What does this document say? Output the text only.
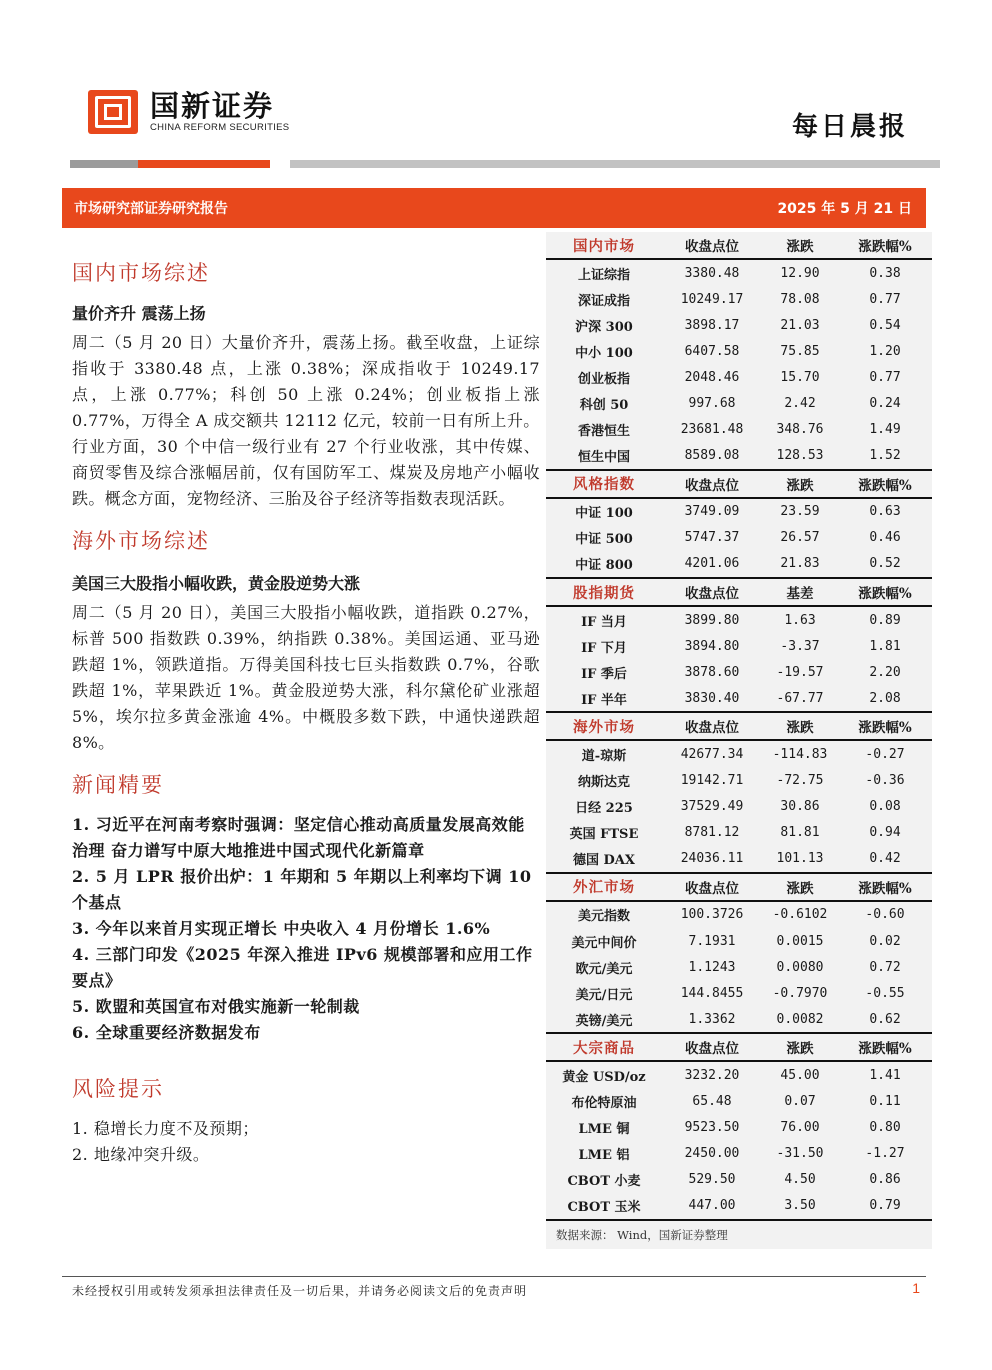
国新证券
CHINA REFORM SECURITIES	每日晨报
市场研究部证券研究报告	2025 年 5 月 21 日
国内市场综述
量价齐升 震荡上扬

周二（5 月 20 日）大量价齐升，震荡上扬。截至收盘，上证综指收于 3380.48 点，上涨 0.38%；深成指收于 10249.17 点，上涨 0.77%；科创 50 上涨 0.24%；创业板指上涨 0.77%，万得全 A 成交额共 12112 亿元，较前一日有所上升。

行业方面，30 个中信一级行业有 27 个行业收涨，其中传媒、商贸零售及综合涨幅居前，仅有国防军工、煤炭及房地产小幅收跌。概念方面，宠物经济、三胎及谷子经济等指数表现活跃。

海外市场综述
美国三大股指小幅收跌，黄金股逆势大涨

周二（5 月 20 日），美国三大股指小幅收跌，道指跌 0.27%，标普 500 指数跌 0.39%，纳指跌 0.38%。美国运通、亚马逊跌超 1%，领跌道指。万得美国科技七巨头指数跌 0.7%，谷歌跌超 1%，苹果跌近 1%。黄金股逆势大涨，科尔黛伦矿业涨超 5%，埃尔拉多黄金涨逾 4%。中概股多数下跌，中通快递跌超 8%。

新闻精要
1. 习近平在河南考察时强调：坚定信心推动高质量发展高效能治理 奋力谱写中原大地推进中国式现代化新篇章
2. 5 月 LPR 报价出炉：1 年期和 5 年期以上利率均下调 10 个基点
3. 今年以来首月实现正增长 中央收入 4 月份增长 1.6%
4. 三部门印发《2025 年深入推进 IPv6 规模部署和应用工作要点》
5. 欧盟和英国宣布对俄实施新一轮制裁
6. 全球重要经济数据发布
风险提示
1. 稳增长力度不及预期；
2. 地缘冲突升级。
国内市场	收盘点位	涨跌	涨跌幅%
上证综指	3380.48	12.90	0.38
深证成指	10249.17	78.08	0.77
沪深 300	3898.17	21.03	0.54
中小 100	6407.58	75.85	1.20
创业板指	2048.46	15.70	0.77
科创 50	997.68	2.42	0.24
香港恒生	23681.48	348.76	1.49
恒生中国	8589.08	128.53	1.52
风格指数	收盘点位	涨跌	涨跌幅%
中证 100	3749.09	23.59	0.63
中证 500	5747.37	26.57	0.46
中证 800	4201.06	21.83	0.52
股指期货	收盘点位	基差	涨跌幅%
IF 当月	3899.80	1.63	0.89
IF 下月	3894.80	-3.37	1.81
IF 季后	3878.60	-19.57	2.20
IF 半年	3830.40	-67.77	2.08
海外市场	收盘点位	涨跌	涨跌幅%
道-琼斯	42677.34	-114.83	-0.27
纳斯达克	19142.71	-72.75	-0.36
日经 225	37529.49	30.86	0.08
英国 FTSE	8781.12	81.81	0.94
德国 DAX	24036.11	101.13	0.42
外汇市场	收盘点位	涨跌	涨跌幅%
美元指数	100.3726	-0.6102	-0.60
美元中间价	7.1931	0.0015	0.02
欧元/美元	1.1243	0.0080	0.72
美元/日元	144.8455	-0.7970	-0.55
英镑/美元	1.3362	0.0082	0.62
大宗商品	收盘点位	涨跌	涨跌幅%
黄金 USD/oz	3232.20	45.00	1.41
布伦特原油	65.48	0.07	0.11
LME 铜	9523.50	76.00	0.80
LME 铝	2450.00	-31.50	-1.27
CBOT 小麦	529.50	4.50	0.86
CBOT 玉米	447.00	3.50	0.79
数据来源： Wind，国新证券整理
未经授权引用或转发须承担法律责任及一切后果，并请务必阅读文后的免责声明	1
